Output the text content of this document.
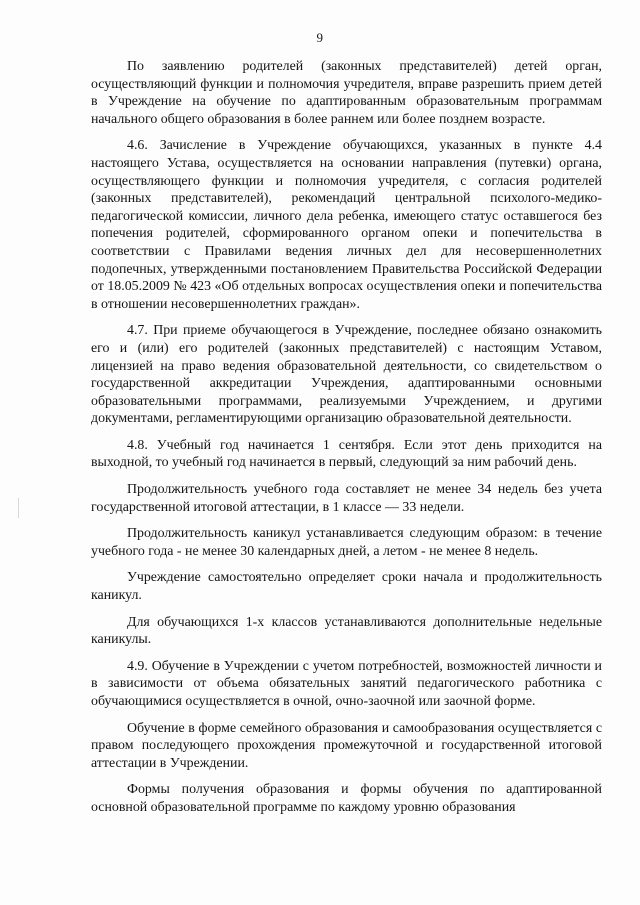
9

По заявлению родителей (законных представителей) детей орган, осуществляющий функции и полномочия учредителя, вправе разрешить прием детей в Учреждение на обучение по адаптированным образовательным программам начального общего образования в более раннем или более позднем возрасте.

4.6. Зачисление в Учреждение обучающихся, указанных в пункте 4.4 настоящего Устава, осуществляется на основании направления (путевки) органа, осуществляющего функции и полномочия учредителя, с согласия родителей (законных представителей), рекомендаций центральной психолого-медико-педагогической комиссии, личного дела ребенка, имеющего статус оставшегося без попечения родителей, сформированного органом опеки и попечительства в соответствии с Правилами ведения личных дел для несовершеннолетних подопечных, утвержденными постановлением Правительства Российской Федерации от 18.05.2009 № 423 «Об отдельных вопросах осуществления опеки и попечительства в отношении несовершеннолетних граждан».

4.7. При приеме обучающегося в Учреждение, последнее обязано ознакомить его и (или) его родителей (законных представителей) с настоящим Уставом, лицензией на право ведения образовательной деятельности, со свидетельством о государственной аккредитации Учреждения, адаптированными основными образовательными программами, реализуемыми Учреждением, и другими документами, регламентирующими организацию образовательной деятельности.

4.8. Учебный год начинается 1 сентября. Если этот день приходится на выходной, то учебный год начинается в первый, следующий за ним рабочий день.

Продолжительность учебного года составляет не менее 34 недель без учета государственной итоговой аттестации, в 1 классе — 33 недели.

Продолжительность каникул устанавливается следующим образом: в течение учебного года - не менее 30 календарных дней, а летом - не менее 8 недель.

Учреждение самостоятельно определяет сроки начала и продолжительность каникул.

Для обучающихся 1-х классов устанавливаются дополнительные недельные каникулы.

4.9. Обучение в Учреждении с учетом потребностей, возможностей личности и в зависимости от объема обязательных занятий педагогического работника с обучающимися осуществляется в очной, очно-заочной или заочной форме.

Обучение в форме семейного образования и самообразования осуществляется с правом последующего прохождения промежуточной и государственной итоговой аттестации в Учреждении.

Формы получения образования и формы обучения по адаптированной основной образовательной программе по каждому уровню образования
